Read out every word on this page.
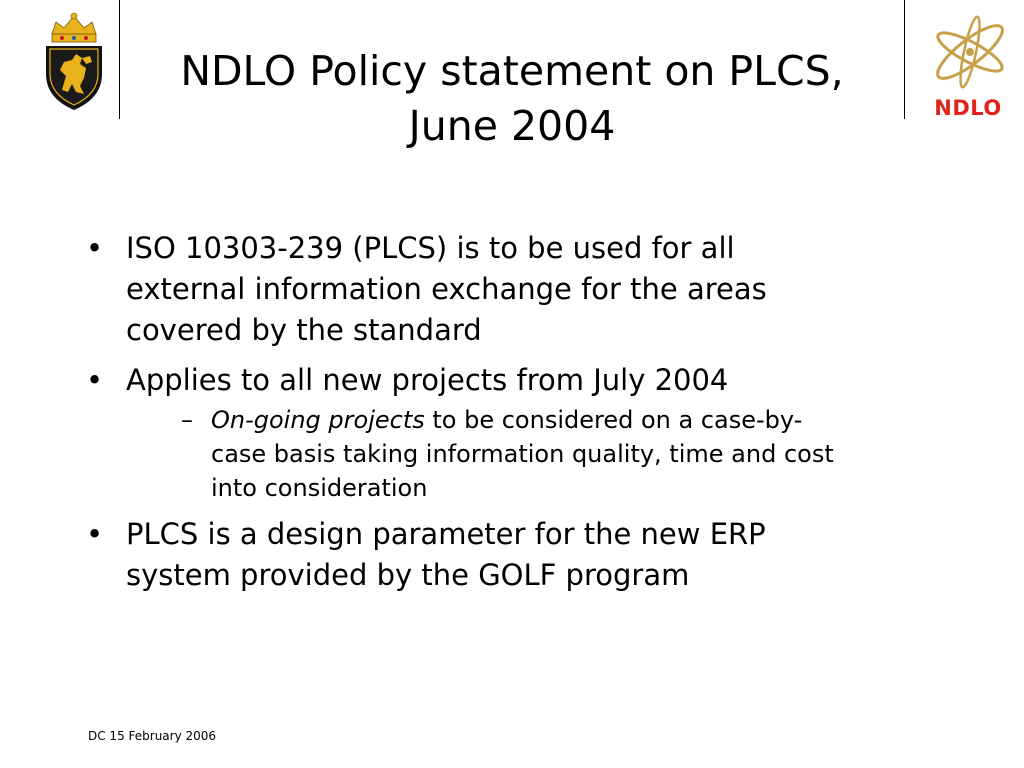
NDLO
NDLO Policy statement on PLCS,
June 2004
• ISO 10303-239 (PLCS) is to be used for all
external information exchange for the areas
covered by the standard
• Applies to all new projects from July 2004
– On-going projects to be considered on a case-by-
case basis taking information quality, time and cost
into consideration
• PLCS is a design parameter for the new ERP
system provided by the GOLF program
DC 15 February 2006
